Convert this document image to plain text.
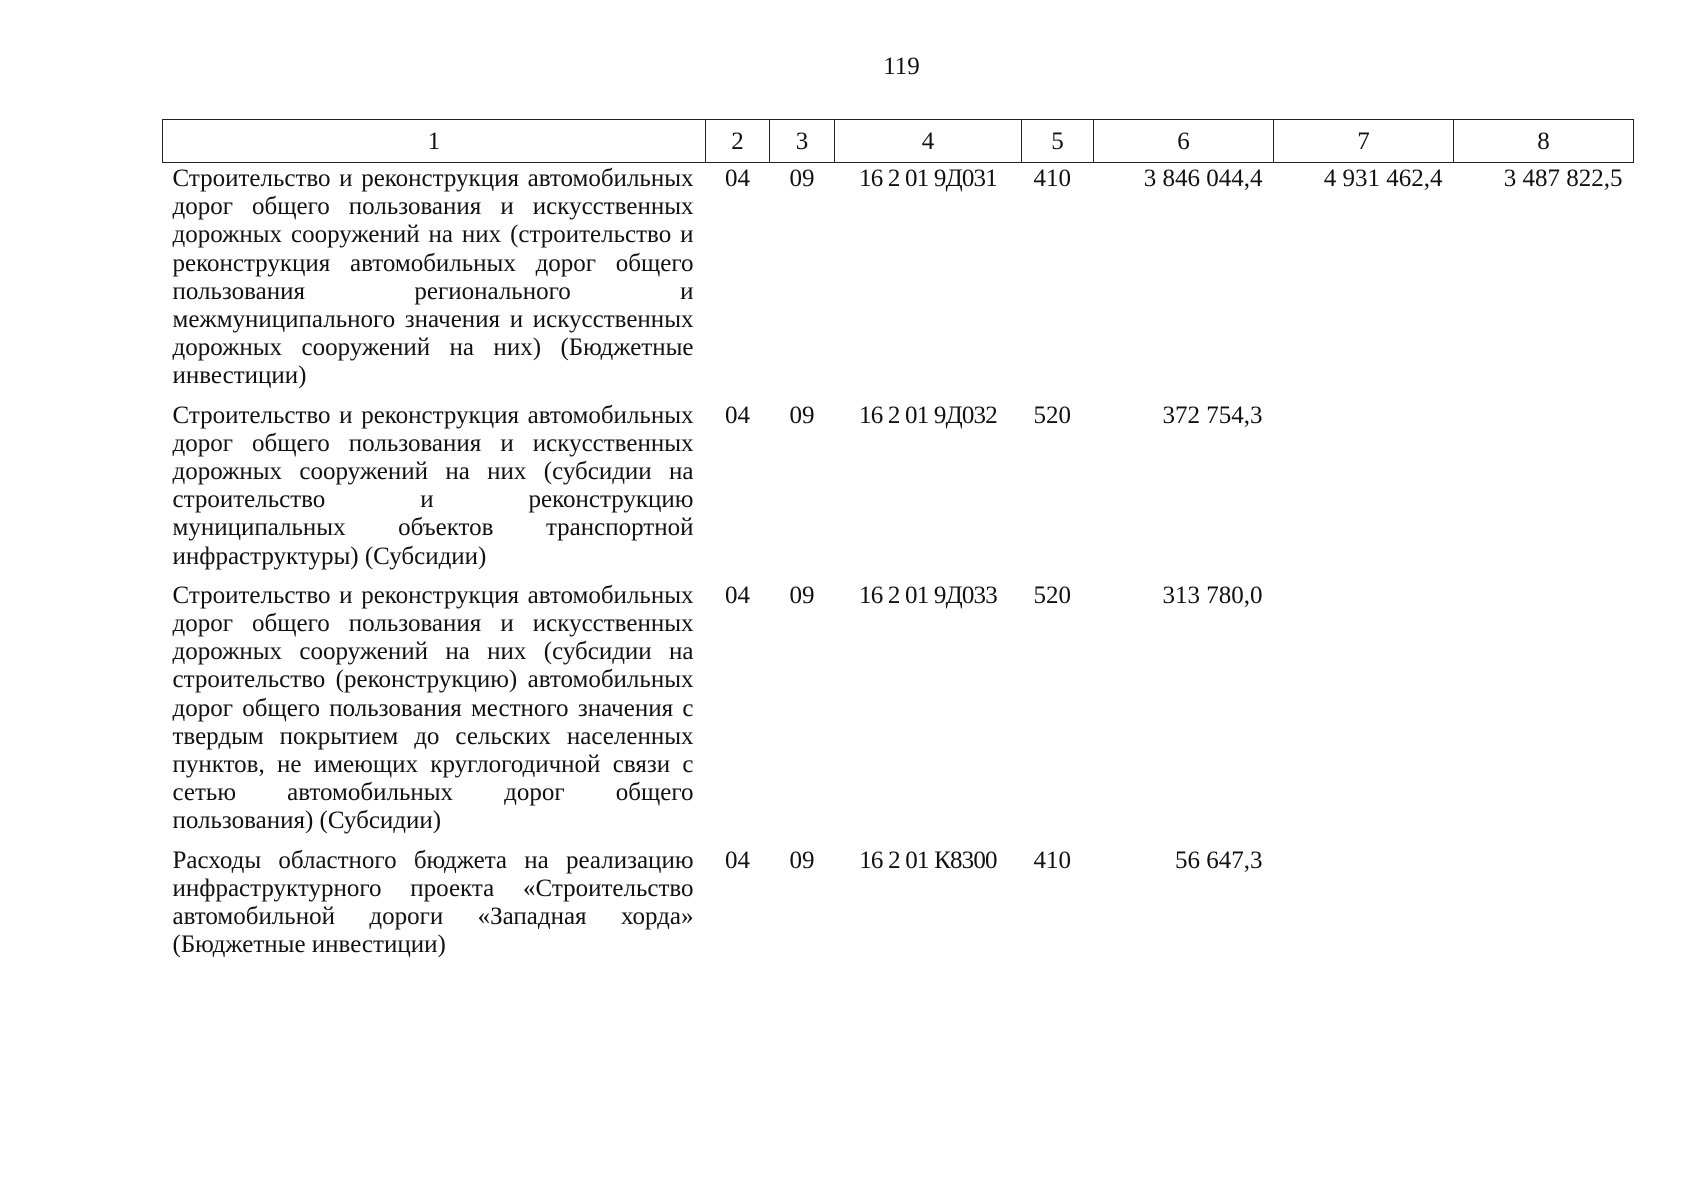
119
1	2	3	4	5	6	7	8
Строительство и реконструкция автомобильных дорог общего пользования и искусственных дорожных сооружений на них (строительство и реконструкция автомобильных дорог общего пользования регионального и межмуниципального значения и искусственных дорожных сооружений на них) (Бюджетные инвестиции)	04	09	16 2 01 9Д031	410	3 846 044,4	4 931 462,4	3 487 822,5
Строительство и реконструкция автомобильных дорог общего пользования и искусственных дорожных сооружений на них (субсидии на строительство и реконструкцию муниципальных объектов транспортной инфраструктуры) (Субсидии)	04	09	16 2 01 9Д032	520	372 754,3		
Строительство и реконструкция автомобильных дорог общего пользования и искусственных дорожных сооружений на них (субсидии на строительство (реконструкцию) автомобильных дорог общего пользования местного значения с твердым покрытием до сельских населенных пунктов, не имеющих круглогодичной связи с сетью автомобильных дорог общего пользования) (Субсидии)	04	09	16 2 01 9Д033	520	313 780,0		
Расходы областного бюджета на реализацию инфраструктурного проекта «Строительство автомобильной дороги «Западная хорда» (Бюджетные инвестиции)	04	09	16 2 01 К8300	410	56 647,3		
